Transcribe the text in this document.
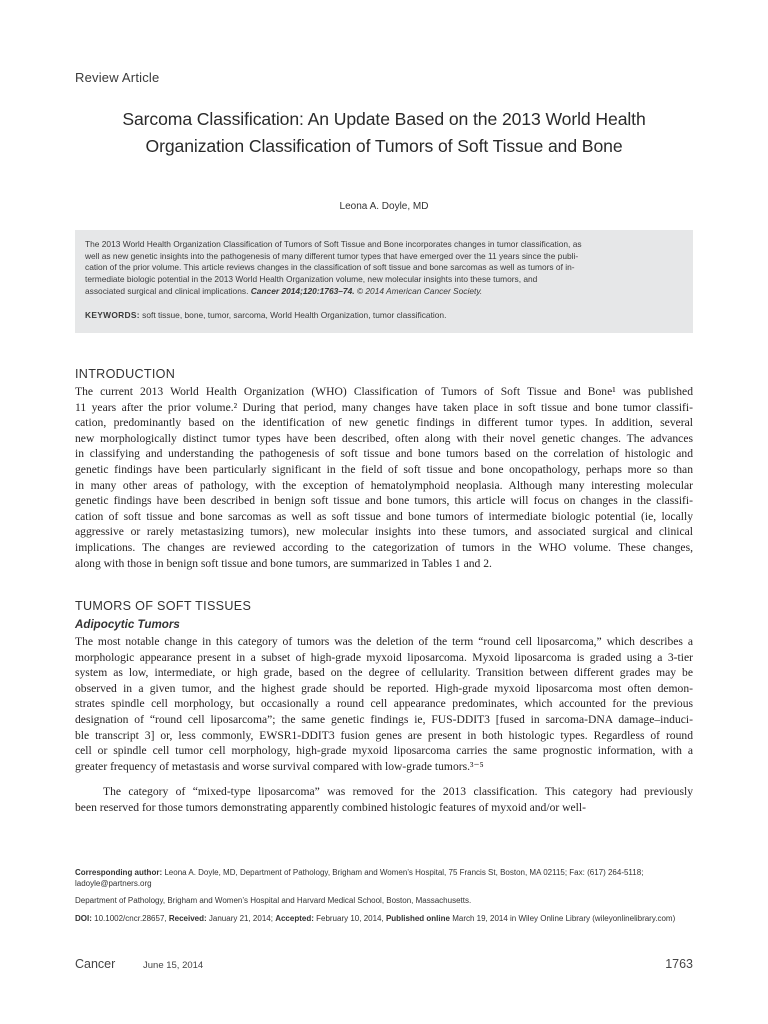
Review Article
Sarcoma Classification: An Update Based on the 2013 World Health Organization Classification of Tumors of Soft Tissue and Bone
Leona A. Doyle, MD
The 2013 World Health Organization Classification of Tumors of Soft Tissue and Bone incorporates changes in tumor classification, as
well as new genetic insights into the pathogenesis of many different tumor types that have emerged over the 11 years since the publi-
cation of the prior volume. This article reviews changes in the classification of soft tissue and bone sarcomas as well as tumors of in-
termediate biologic potential in the 2013 World Health Organization volume, new molecular insights into these tumors, and
associated surgical and clinical implications. Cancer 2014;120:1763–74. © 2014 American Cancer Society.
KEYWORDS: soft tissue, bone, tumor, sarcoma, World Health Organization, tumor classification.
INTRODUCTION
The current 2013 World Health Organization (WHO) Classification of Tumors of Soft Tissue and Bone¹ was published
11 years after the prior volume.² During that period, many changes have taken place in soft tissue and bone tumor classifi-
cation, predominantly based on the identification of new genetic findings in different tumor types. In addition, several
new morphologically distinct tumor types have been described, often along with their novel genetic changes. The advances
in classifying and understanding the pathogenesis of soft tissue and bone tumors based on the correlation of histologic and
genetic findings have been particularly significant in the field of soft tissue and bone oncopathology, perhaps more so than
in many other areas of pathology, with the exception of hematolymphoid neoplasia. Although many interesting molecular
genetic findings have been described in benign soft tissue and bone tumors, this article will focus on changes in the classifi-
cation of soft tissue and bone sarcomas as well as soft tissue and bone tumors of intermediate biologic potential (ie, locally
aggressive or rarely metastasizing tumors), new molecular insights into these tumors, and associated surgical and clinical
implications. The changes are reviewed according to the categorization of tumors in the WHO volume. These changes,
along with those in benign soft tissue and bone tumors, are summarized in Tables 1 and 2.
TUMORS OF SOFT TISSUES
Adipocytic Tumors
The most notable change in this category of tumors was the deletion of the term “round cell liposarcoma,” which describes a
morphologic appearance present in a subset of high-grade myxoid liposarcoma. Myxoid liposarcoma is graded using a 3-tier
system as low, intermediate, or high grade, based on the degree of cellularity. Transition between different grades may be
observed in a given tumor, and the highest grade should be reported. High-grade myxoid liposarcoma most often demon-
strates spindle cell morphology, but occasionally a round cell appearance predominates, which accounted for the previous
designation of “round cell liposarcoma”; the same genetic findings ie, FUS-DDIT3 [fused in sarcoma-DNA damage–induci-
ble transcript 3] or, less commonly, EWSR1-DDIT3 fusion genes are present in both histologic types. Regardless of round
cell or spindle cell tumor cell morphology, high-grade myxoid liposarcoma carries the same prognostic information, with a
greater frequency of metastasis and worse survival compared with low-grade tumors.³⁻⁵
The category of “mixed-type liposarcoma” was removed for the 2013 classification. This category had previously
been reserved for those tumors demonstrating apparently combined histologic features of myxoid and/or well-

Corresponding author: Leona A. Doyle, MD, Department of Pathology, Brigham and Women’s Hospital, 75 Francis St, Boston, MA 02115; Fax: (617) 264-5118; ladoyle@partners.org

Department of Pathology, Brigham and Women’s Hospital and Harvard Medical School, Boston, Massachusetts.

DOI: 10.1002/cncr.28657, Received: January 21, 2014; Accepted: February 10, 2014, Published online March 19, 2014 in Wiley Online Library (wileyonlinelibrary.com)

Cancer	June 15, 2014	1763
